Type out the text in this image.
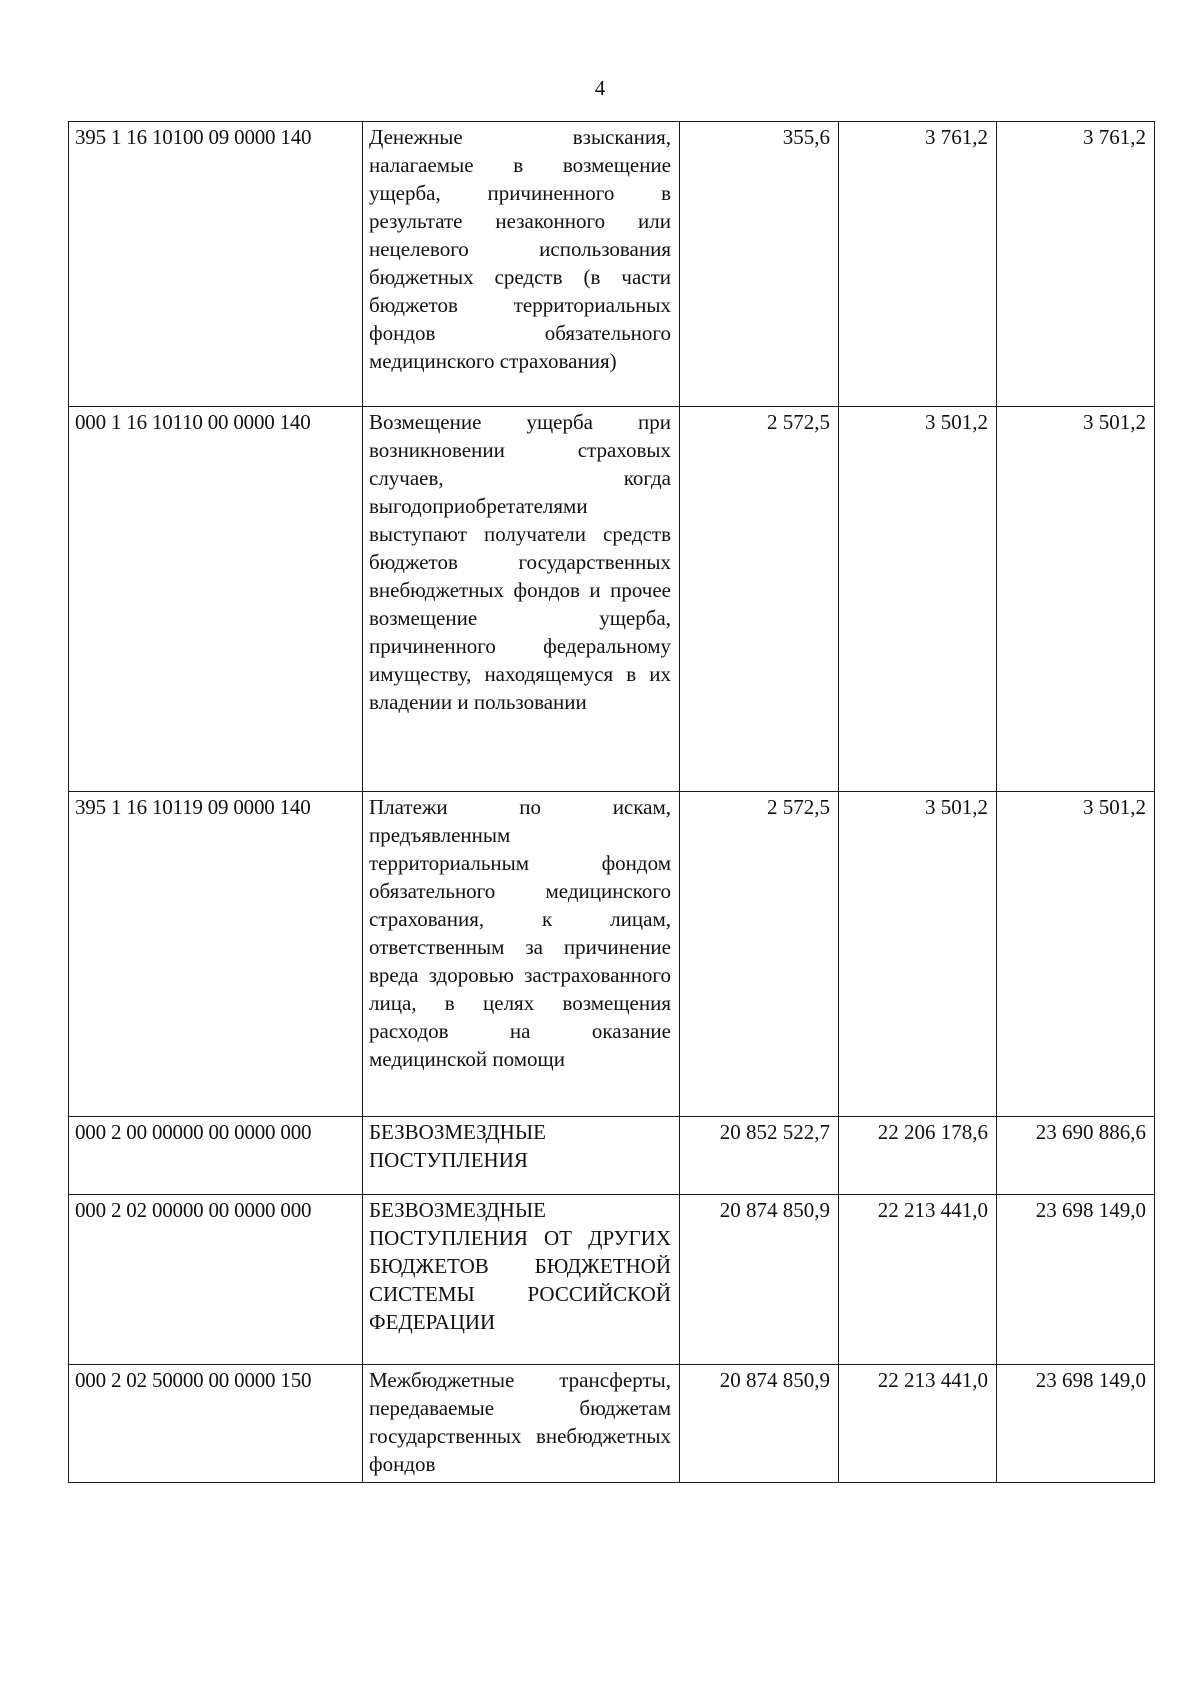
4
395 1 16 10100 09 0000 140	Денежные взыскания, налагаемые в возмещение ущерба, причиненного в результате незаконного или нецелевого использования бюджетных средств (в части бюджетов территориальных фондов обязательного медицинского страхования)	355,6	3 761,2	3 761,2
000 1 16 10110 00 0000 140	Возмещение ущерба при возникновении страховых случаев, когда выгодоприобретателями выступают получатели средств бюджетов государственных внебюджетных фондов и прочее возмещение ущерба, причиненного федеральному имуществу, находящемуся в их владении и пользовании	2 572,5	3 501,2	3 501,2
395 1 16 10119 09 0000 140	Платежи по искам, предъявленным территориальным фондом обязательного медицинского страхования, к лицам, ответственным за причинение вреда здоровью застрахованного лица, в целях возмещения расходов на оказание медицинской помощи	2 572,5	3 501,2	3 501,2
000 2 00 00000 00 0000 000	БЕЗВОЗМЕЗДНЫЕ ПОСТУПЛЕНИЯ	20 852 522,7	22 206 178,6	23 690 886,6
000 2 02 00000 00 0000 000	БЕЗВОЗМЕЗДНЫЕ ПОСТУПЛЕНИЯ ОТ ДРУГИХ БЮДЖЕТОВ БЮДЖЕТНОЙ СИСТЕМЫ РОССИЙСКОЙ ФЕДЕРАЦИИ	20 874 850,9	22 213 441,0	23 698 149,0
000 2 02 50000 00 0000 150	Межбюджетные трансферты, передаваемые бюджетам государственных внебюджетных фондов	20 874 850,9	22 213 441,0	23 698 149,0
